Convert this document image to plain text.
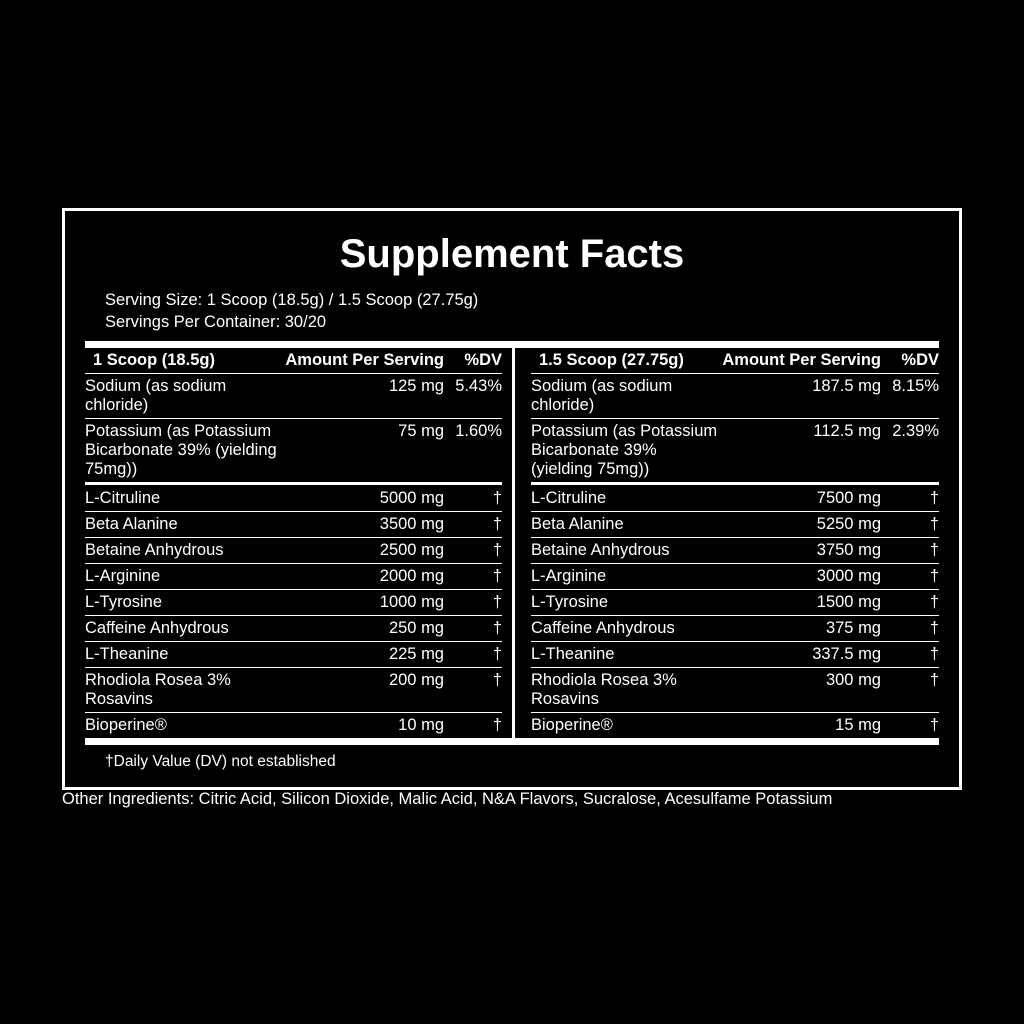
Supplement Facts
Serving Size: 1 Scoop (18.5g) / 1.5 Scoop (27.75g)
Servings Per Container: 30/20
1 Scoop (18.5g)	Amount Per Serving	%DV

Sodium (as sodium chloride)	125 mg	5.43%

Potassium (as Potassium
Bicarbonate 39% (yielding 75mg))	75 mg	1.60%

L-Citruline	5000 mg	†

Beta Alanine	3500 mg	†

Betaine Anhydrous	2500 mg	†

L-Arginine	2000 mg	†

L-Tyrosine	1000 mg	†

Caffeine Anhydrous	250 mg	†

L-Theanine	225 mg	†

Rhodiola Rosea 3%
Rosavins	200 mg	†

Bioperine®	10 mg	†
1.5 Scoop (27.75g)	Amount Per Serving	%DV

Sodium (as sodium chloride)	187.5 mg	8.15%

Potassium (as Potassium
Bicarbonate 39% (yielding 75mg))	112.5 mg	2.39%

L-Citruline	7500 mg	†

Beta Alanine	5250 mg	†

Betaine Anhydrous	3750 mg	†

L-Arginine	3000 mg	†

L-Tyrosine	1500 mg	†

Caffeine Anhydrous	375 mg	†

L-Theanine	337.5 mg	†

Rhodiola Rosea 3%
Rosavins	300 mg	†

Bioperine®	15 mg	†
†Daily Value (DV) not established
Other Ingredients: Citric Acid, Silicon Dioxide, Malic Acid, N&A Flavors, Sucralose, Acesulfame Potassium
